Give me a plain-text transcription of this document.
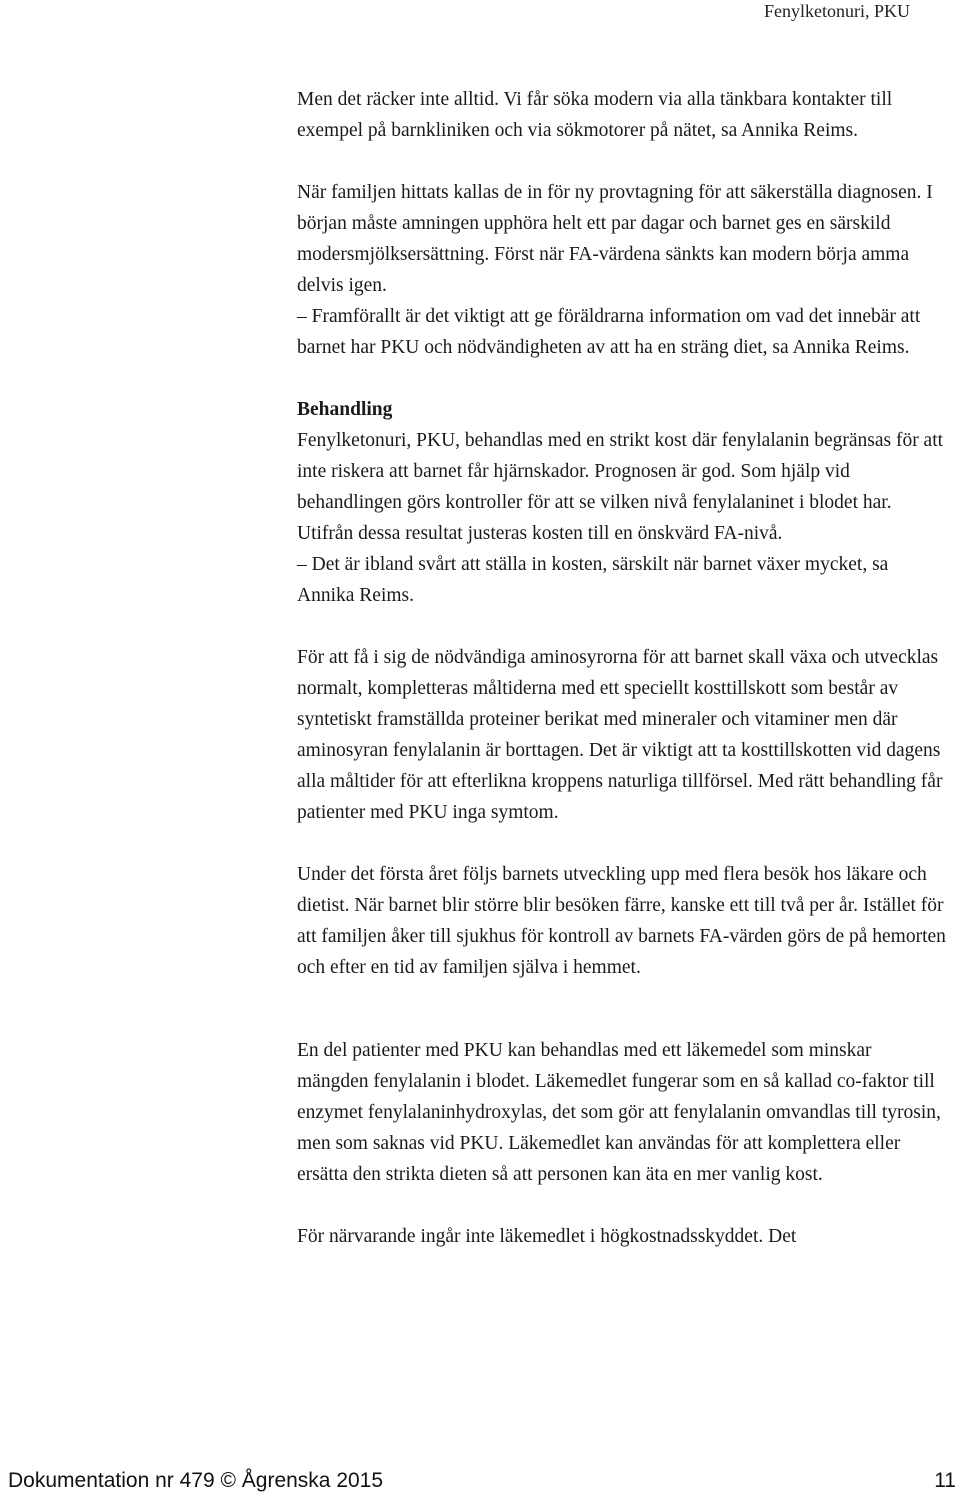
Fenylketonuri, PKU

Men det räcker inte alltid. Vi får söka modern via alla tänkbara kontakter till exempel på barnkliniken och via sökmotorer på nätet, sa Annika Reims.

När familjen hittats kallas de in för ny provtagning för att säkerställa diagnosen. I början måste amningen upphöra helt ett par dagar och barnet ges en särskild modersmjölksersättning. Först när FA-värdena sänkts kan modern börja amma delvis igen.

– Framförallt är det viktigt att ge föräldrarna information om vad det innebär att barnet har PKU och nödvändigheten av att ha en sträng diet, sa Annika Reims.

Behandling

Fenylketonuri, PKU, behandlas med en strikt kost där fenylalanin begränsas för att inte riskera att barnet får hjärnskador. Prognosen är god. Som hjälp vid behandlingen görs kontroller för att se vilken nivå fenylalaninet i blodet har. Utifrån dessa resultat justeras kosten till en önskvärd FA-nivå.

– Det är ibland svårt att ställa in kosten, särskilt när barnet växer mycket, sa Annika Reims.

För att få i sig de nödvändiga aminosyrorna för att barnet skall växa och utvecklas normalt, kompletteras måltiderna med ett speciellt kosttillskott som består av syntetiskt framställda proteiner berikat med mineraler och vitaminer men där aminosyran fenylalanin är borttagen. Det är viktigt att ta kosttillskotten vid dagens alla måltider för att efterlikna kroppens naturliga tillförsel. Med rätt behandling får patienter med PKU inga symtom.

Under det första året följs barnets utveckling upp med flera besök hos läkare och dietist. När barnet blir större blir besöken färre, kanske ett till två per år. Istället för att familjen åker till sjukhus för kontroll av barnets FA-värden görs de på hemorten och efter en tid av familjen själva i hemmet.

En del patienter med PKU kan behandlas med ett läkemedel som minskar mängden fenylalanin i blodet. Läkemedlet fungerar som en så kallad co-faktor till enzymet fenylalaninhydroxylas, det som gör att fenylalanin omvandlas till tyrosin, men som saknas vid PKU. Läkemedlet kan användas för att komplettera eller ersätta den strikta dieten så att personen kan äta en mer vanlig kost.

För närvarande ingår inte läkemedlet i högkostnadsskyddet. Det

Dokumentation nr 479 © Ågrenska 2015	11
